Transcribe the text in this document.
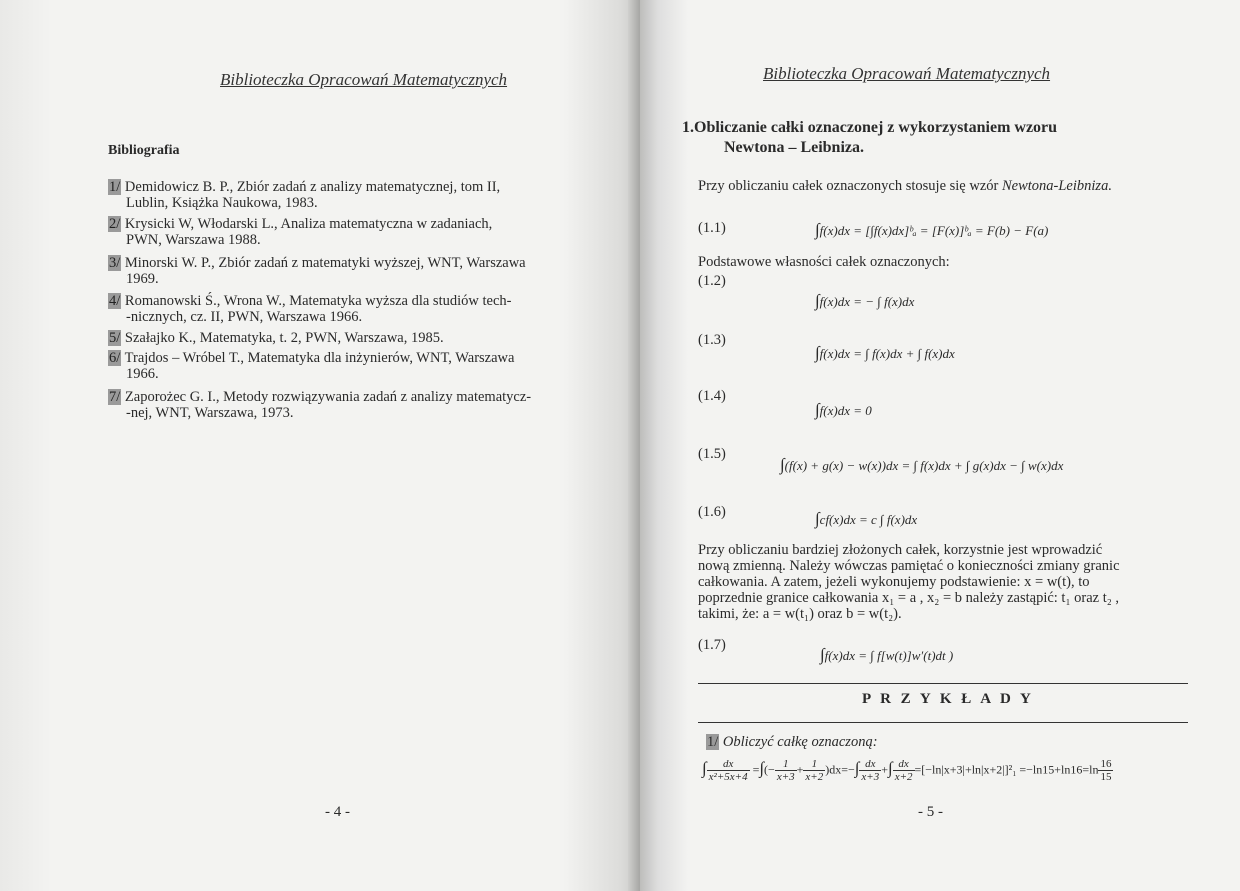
Biblioteczka Opracowań Matematycznych
Bibliografia
1/ Demidowicz B. P., Zbiór zadań z analizy matematycznej, tom II,
Lublin, Książka Naukowa, 1983.
2/ Krysicki W, Włodarski L., Analiza matematyczna w zadaniach,
PWN, Warszawa 1988.
3/ Minorski W. P., Zbiór zadań z matematyki wyższej, WNT, Warszawa
1969.
4/ Romanowski Ś., Wrona W., Matematyka wyższa dla studiów tech-
-nicznych, cz. II, PWN, Warszawa 1966.
5/ Szałajko K., Matematyka, t. 2, PWN, Warszawa, 1985.
6/ Trajdos – Wróbel T., Matematyka dla inżynierów, WNT, Warszawa
1966.
7/ Zaporożec G. I., Metody rozwiązywania zadań z analizy matematycz-
-nej, WNT, Warszawa, 1973.
- 4 -
Biblioteczka Opracowań Matematycznych
1.Obliczanie całki oznaczonej z wykorzystaniem wzoru
Newtona – Leibniza.
Przy obliczaniu całek oznaczonych stosuje się wzór Newtona-Leibniza.
(1.1)	∫f(x)dx = [∫f(x)dx]ᵇₐ = [F(x)]ᵇₐ = F(b) − F(a)
Podstawowe własności całek oznaczonych:
(1.2)
∫f(x)dx = − ∫ f(x)dx
(1.3)
∫f(x)dx = ∫ f(x)dx + ∫ f(x)dx
(1.4)
∫f(x)dx = 0
(1.5)
∫(f(x) + g(x) − w(x))dx = ∫ f(x)dx + ∫ g(x)dx − ∫ w(x)dx
(1.6)	∫cf(x)dx = c ∫ f(x)dx
Przy obliczaniu bardziej złożonych całek, korzystnie jest wprowadzić
nową zmienną. Należy wówczas pamiętać o konieczności zmiany granic
całkowania. A zatem, jeżeli wykonujemy podstawienie: x = w(t), to
poprzednie granice całkowania x₁ = a , x₂ = b należy zastąpić: t₁ oraz t₂ ,
takimi, że: a = w(t₁) oraz b = w(t₂).
(1.7)	∫f(x)dx = ∫ f[w(t)]w′(t)dt )
P R Z Y K Ł A D Y
1/ Obliczyć całkę oznaczoną:
∫ $\frac{dx}{\text{x²+5x+4}}$ =∫(− $\frac{1}{x+3} + \frac{1}{x+2} )dx=-\int \frac{dx}{x+3}$ +∫ $\frac{dx}{x+2} =[-\ln|x+3|+\ln|x+2|]^2_1 =-\ln 15+\ln 16=\ln \frac{16}{15}$
- 5 -
